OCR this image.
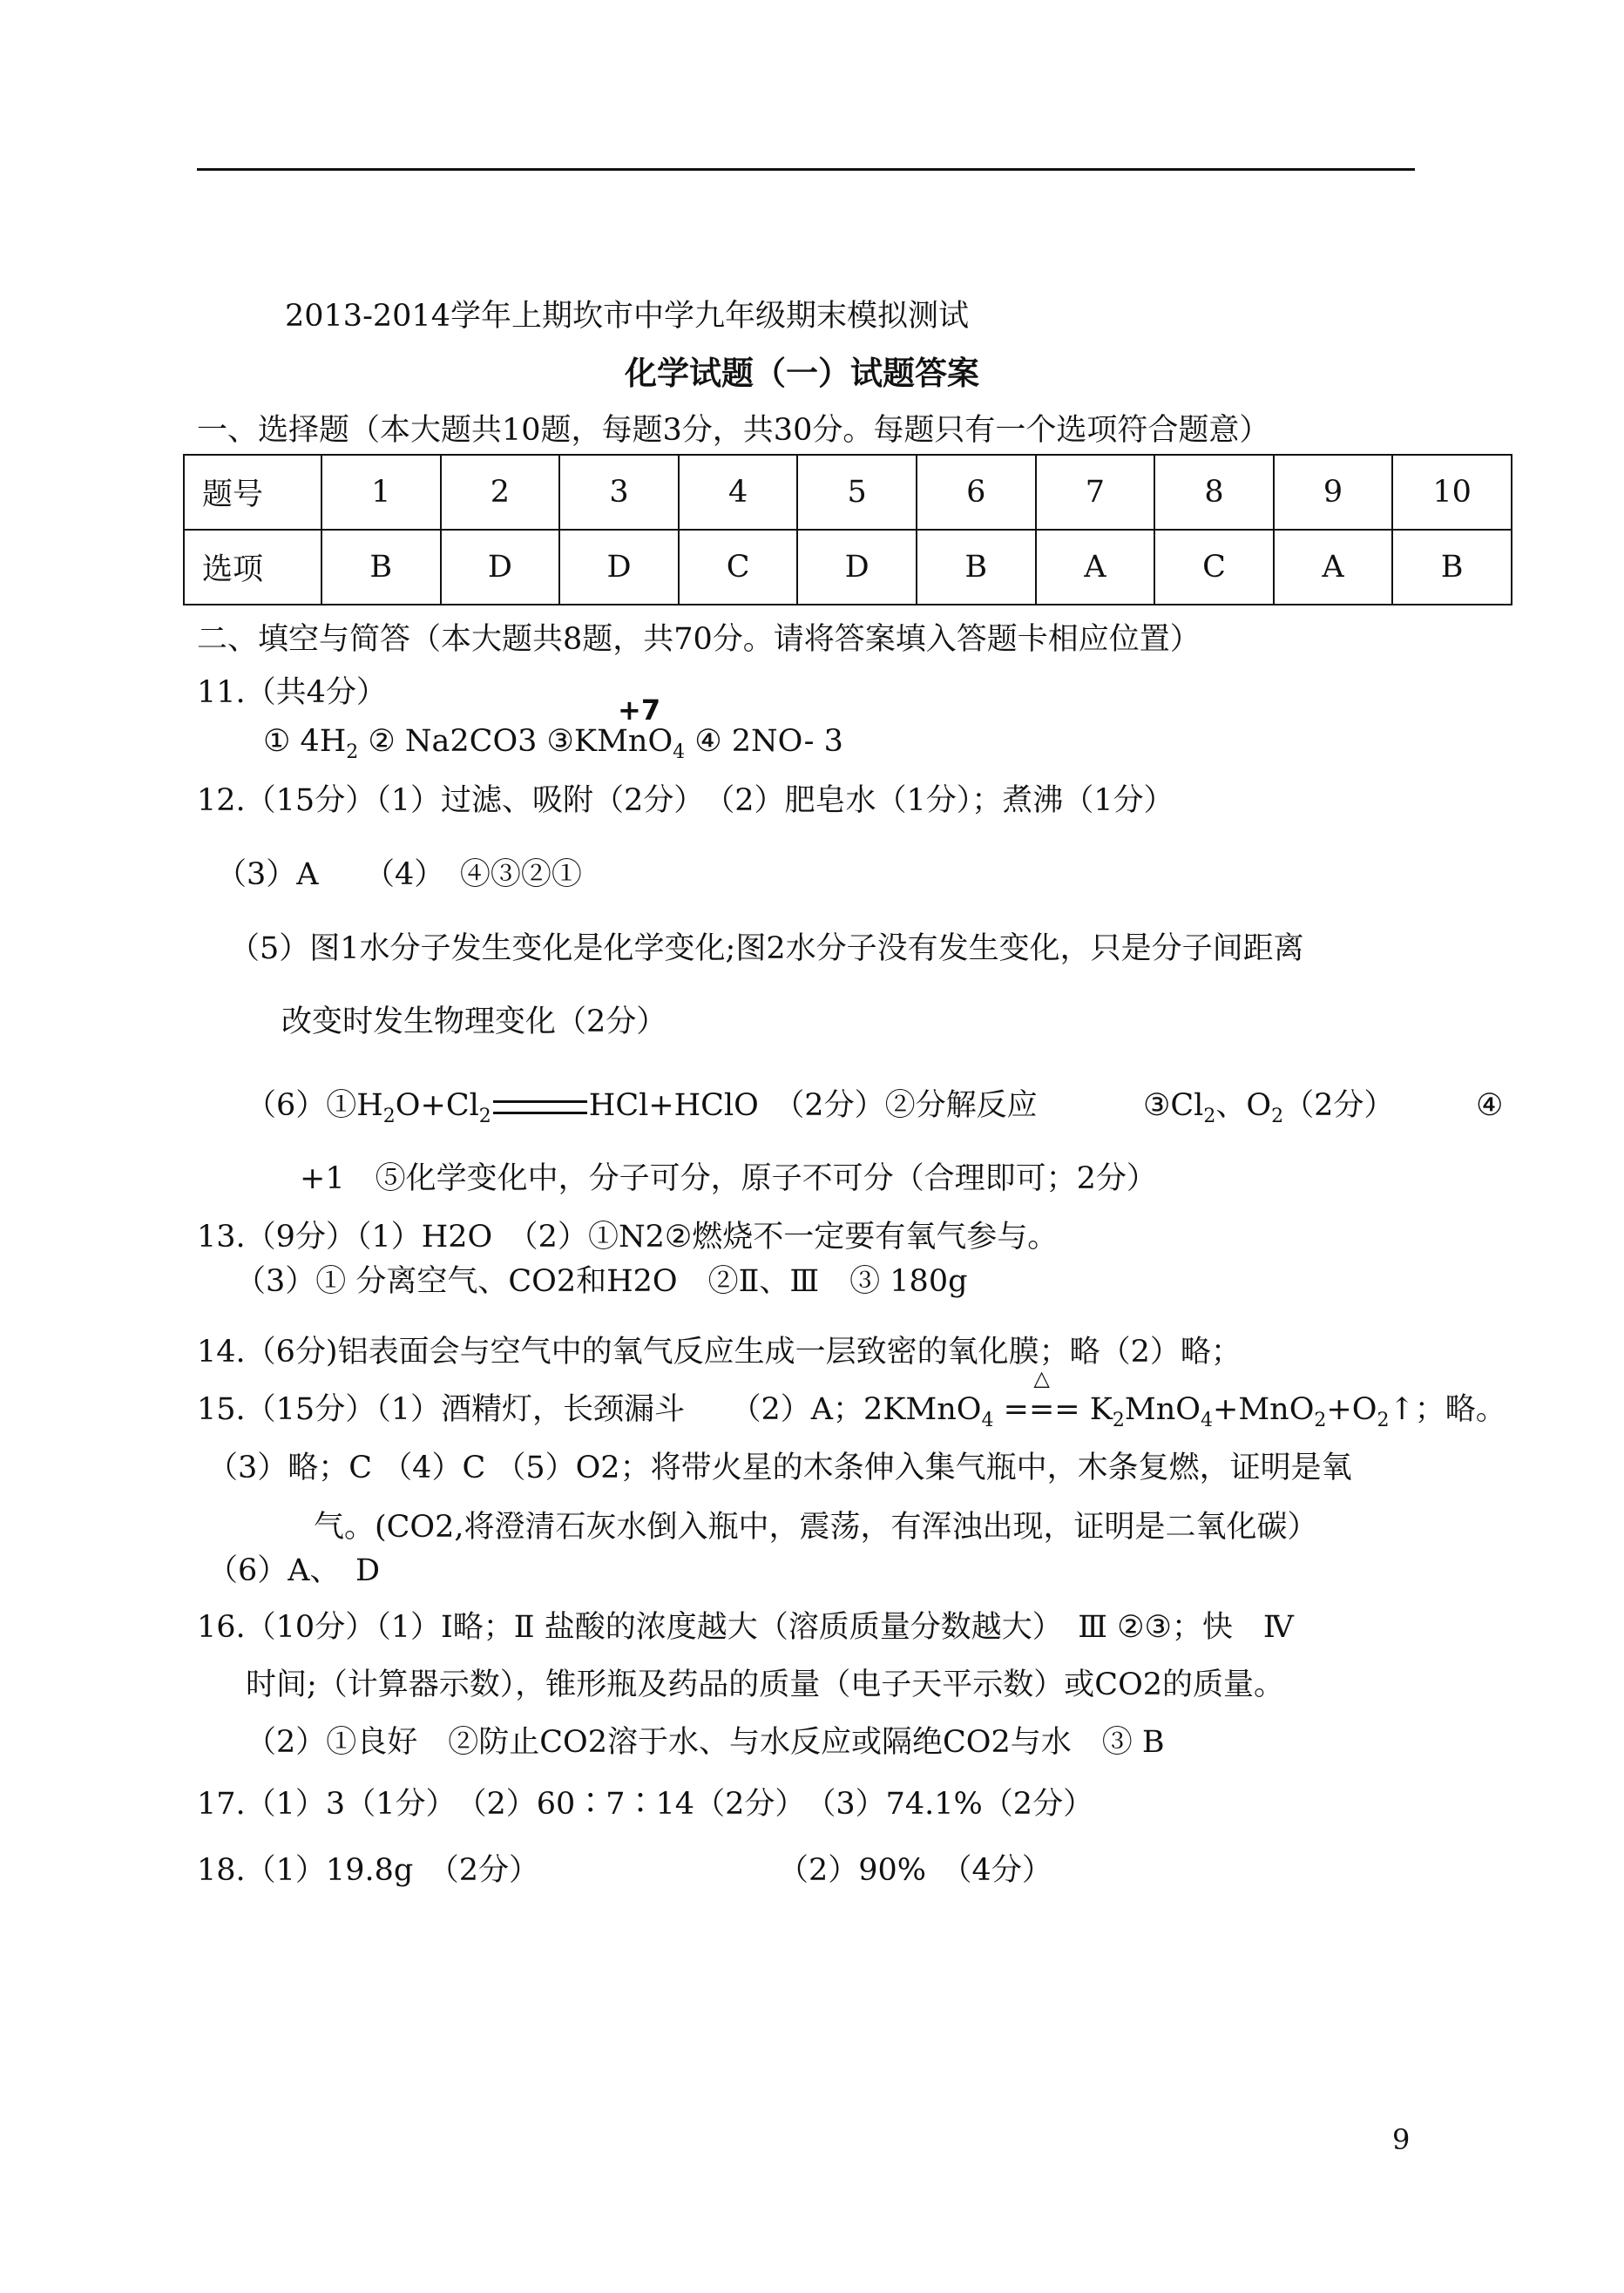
2013-2014学年上期坎市中学九年级期末模拟测试
化学试题（一）试题答案
一、选择题（本大题共10题，每题3分，共30分。每题只有一个选项符合题意）
题号	1	2	3	4	5	6	7	8	9	10
选项	B	D	D	C	D	B	A	C	A	B
二、填空与简答（本大题共8题，共70分。请将答案填入答题卡相应位置）
11.（共4分）	+7
① $4H_2$ ② Na2CO3 ③KMnO$_4$ ④ 2NO- 3
12.（15分）（1）过滤、吸附（2分）　（2）肥皂水（1分）；煮沸（1分）
（3）A　　（4）　④③②①
（5）图1水分子发生变化是化学变化;图2水分子没有发生变化，只是分子间距离
改变时发生物理变化（2分）
$(6)①H_2O+Cl_2$	HCl+HClO　（2分）②分解反应	$③Cl_2$、$O_2(2$分）	④
+1　⑤化学变化中，分子可分，原子不可分（合理即可；2分）
13.（9分）（1）H2O　（2）①N2②燃烧不一定要有氧气参与。
（3）① 分离空气、CO2和H2O　②Ⅱ、Ⅲ　③ 180g
14.（6分)铝表面会与空气中的氧气反应生成一层致密的氧化膜；略（2）略；
15.（15分）（1）酒精灯，长颈漏斗　　（2）A；2KMnO$_4$
△
=== $K_2MnO_4+MnO_2+O_2↑$；略。
（3）略；C （4）C （5）O2；将带火星的木条伸入集气瓶中，木条复燃，证明是氧
气。(CO2,将澄清石灰水倒入瓶中，震荡，有浑浊出现，证明是二氧化碳）
（6）A、　D
16.（10分）（1）Ⅰ略；Ⅱ 盐酸的浓度越大（溶质质量分数越大）　Ⅲ ②③；快　Ⅳ
时间;（计算器示数），锥形瓶及药品的质量（电子天平示数）或CO2的质量。
（2）①良好　②防止CO2溶于水、与水反应或隔绝CO2与水　③ B
17.（1）3（1分）　（2）60∶7∶14（2分）　（3）74.1%（2分）
18.（1）19.8g　（2分）	（2）90%　（4分）
9
